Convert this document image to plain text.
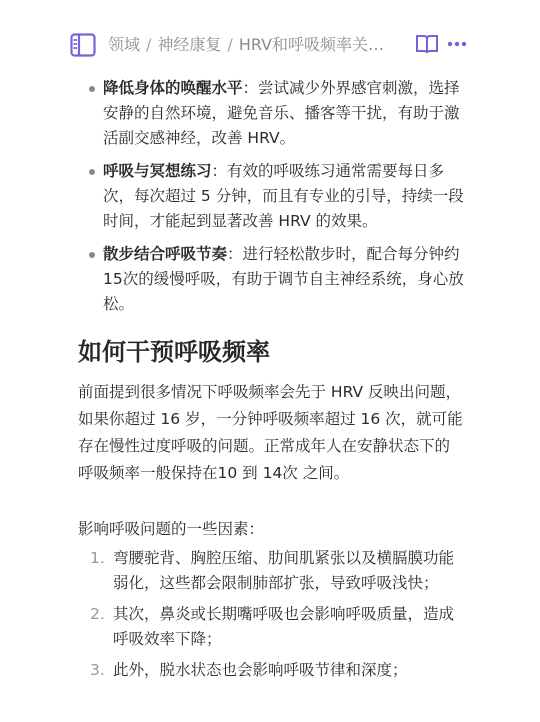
领域 / 神经康复 / HRV和呼吸频率关…
降低身体的唤醒水平：尝试减少外界感官刺激，选择安静的自然环境，避免音乐、播客等干扰，有助于激活副交感神经，改善 HRV。
呼吸与冥想练习：有效的呼吸练习通常需要每日多次，每次超过 5 分钟，而且有专业的引导，持续一段时间，才能起到显著改善 HRV 的效果。
散步结合呼吸节奏：进行轻松散步时，配合每分钟约15次的缓慢呼吸，有助于调节自主神经系统，身心放松。
如何干预呼吸频率

前面提到很多情况下呼吸频率会先于 HRV 反映出问题，如果你超过 16 岁，一分钟呼吸频率超过 16 次，就可能存在慢性过度呼吸的问题。正常成年人在安静状态下的呼吸频率一般保持在10 到 14次 之间。

影响呼吸问题的一些因素：
1. 弯腰驼背、胸腔压缩、肋间肌紧张以及横膈膜功能弱化，这些都会限制肺部扩张，导致呼吸浅快；
2. 其次，鼻炎或长期嘴呼吸也会影响呼吸质量，造成呼吸效率下降；
3. 此外，脱水状态也会影响呼吸节律和深度；
